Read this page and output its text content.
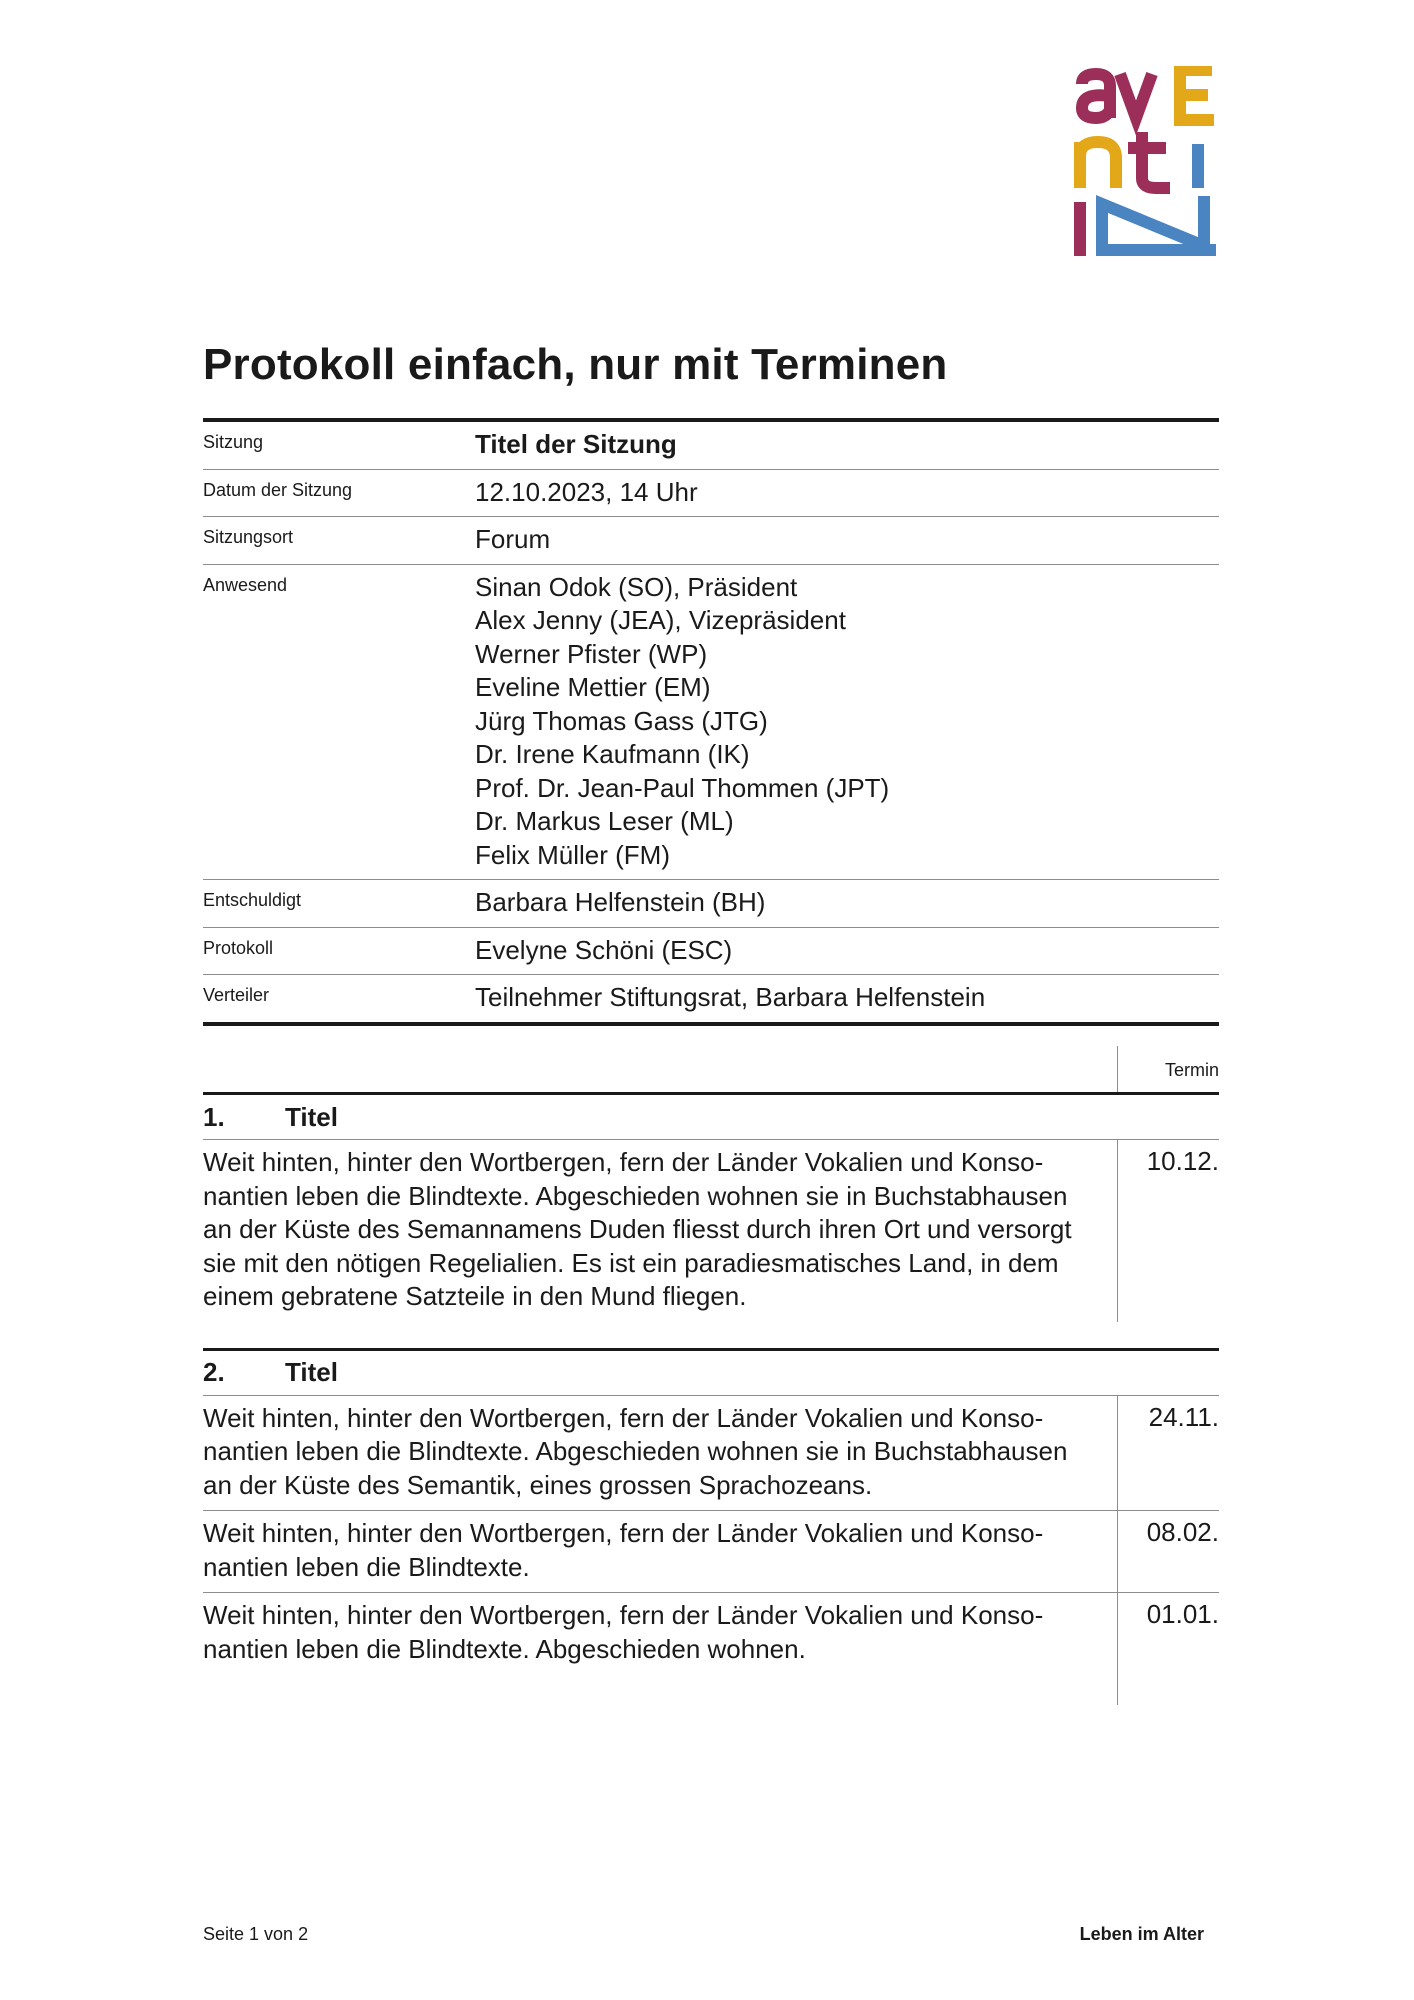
Protokoll einfach, nur mit Terminen
Sitzung	Titel der Sitzung
Datum der Sitzung	12.10.2023, 14 Uhr
Sitzungsort	Forum
Anwesend	Sinan Odok (SO), Präsident
Alex Jenny (JEA), Vizepräsident
Werner Pfister (WP)
Eveline Mettier (EM)
Jürg Thomas Gass (JTG)
Dr. Irene Kaufmann (IK)
Prof. Dr. Jean-Paul Thommen (JPT)
Dr. Markus Leser (ML)
Felix Müller (FM)
Entschuldigt	Barbara Helfenstein (BH)
Protokoll	Evelyne Schöni (ESC)
Verteiler	Teilnehmer Stiftungsrat, Barbara Helfenstein
Termin
1.	Titel
Weit hinten, hinter den Wortbergen, fern der Länder Vokalien und Konso-
nantien leben die Blindtexte. Abgeschieden wohnen sie in Buchstabhausen
an der Küste des Semannamens Duden fliesst durch ihren Ort und versorgt
sie mit den nötigen Regelialien. Es ist ein paradiesmatisches Land, in dem
einem gebratene Satzteile in den Mund fliegen.
10.12.
2.	Titel
Weit hinten, hinter den Wortbergen, fern der Länder Vokalien und Konso-
nantien leben die Blindtexte. Abgeschieden wohnen sie in Buchstabhausen
an der Küste des Semantik, eines grossen Sprachozeans.
24.11.
Weit hinten, hinter den Wortbergen, fern der Länder Vokalien und Konso-
nantien leben die Blindtexte.
08.02.
Weit hinten, hinter den Wortbergen, fern der Länder Vokalien und Konso-
nantien leben die Blindtexte. Abgeschieden wohnen.
01.01.
Seite 1 von 2	Leben im Alter
